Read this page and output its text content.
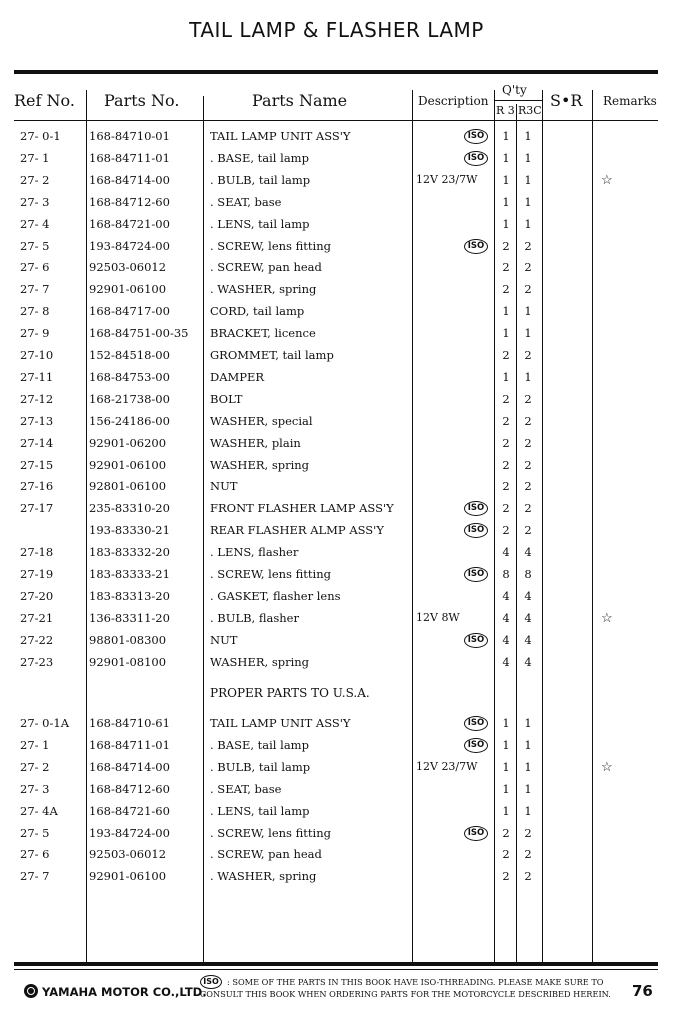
TAIL LAMP & FLASHER LAMP
Ref No. Parts No.	Parts Name	Description
Q'ty
R 3 R3C
S•R Remarks
27- 0-1 168-84710-01	TAIL LAMP UNIT ASS'Y	1 1
ISO
27- 1	168-84711-01	. BASE, tail lamp	1 1
ISO
27- 2	168-84714-00	. BULB, tail lamp	12V 23/7W 1 1	☆
27- 3	168-84712-60	. SEAT, base	1 1
27- 4	168-84721-00	. LENS, tail lamp	1 1
27- 5	193-84724-00	. SCREW, lens fitting	2 2
ISO
27- 6	92503-06012	. SCREW, pan head	2 2
27- 7	92901-06100	. WASHER, spring	2 2
27- 8	168-84717-00	CORD, tail lamp	1 1
27- 9	168-84751-00-35 BRACKET, licence	1 1
27-10	152-84518-00	GROMMET, tail lamp	2 2
27-11	168-84753-00	DAMPER	1 1
27-12	168-21738-00	BOLT	2 2
27-13	156-24186-00	WASHER, special	2 2
27-14	92901-06200	WASHER, plain	2 2
27-15	92901-06100	WASHER, spring	2 2
27-16	92801-06100	NUT	2 2
27-17	235-83310-20	FRONT FLASHER LAMP ASS'Y	2 2
ISO
193-83330-21	REAR FLASHER ALMP ASS'Y	2 2
ISO
27-18	183-83332-20	. LENS, flasher	4 4
27-19	183-83333-21	. SCREW, lens fitting	8 8
ISO
27-20	183-83313-20	. GASKET, flasher lens	4 4
27-21	136-83311-20	. BULB, flasher	12V 8W	4 4	☆
27-22	98801-08300	NUT	4 4
ISO
27-23	92901-08100	WASHER, spring	4 4
PROPER PARTS TO U.S.A.
27- 0-1A 168-84710-61	TAIL LAMP UNIT ASS'Y	1 1
ISO
27- 1	168-84711-01	. BASE, tail lamp	1 1
ISO
27- 2	168-84714-00	. BULB, tail lamp	12V 23/7W 1 1	☆
27- 3	168-84712-60	. SEAT, base	1 1
27- 4A	168-84721-60	. LENS, tail lamp	1 1
27- 5	193-84724-00	. SCREW, lens fitting	2 2
ISO
27- 6	92503-06012	. SCREW, pan head	2 2
27- 7	92901-06100	. WASHER, spring	2 2
ISO	: SOME OF THE PARTS IN THIS BOOK HAVE ISO-THREADING. PLEASE MAKE SURE TO
CONSULT THIS BOOK WHEN ORDERING PARTS FOR THE MOTORCYCLE DESCRIBED HEREIN.
YAMAHA MOTOR CO.,LTD.	76
